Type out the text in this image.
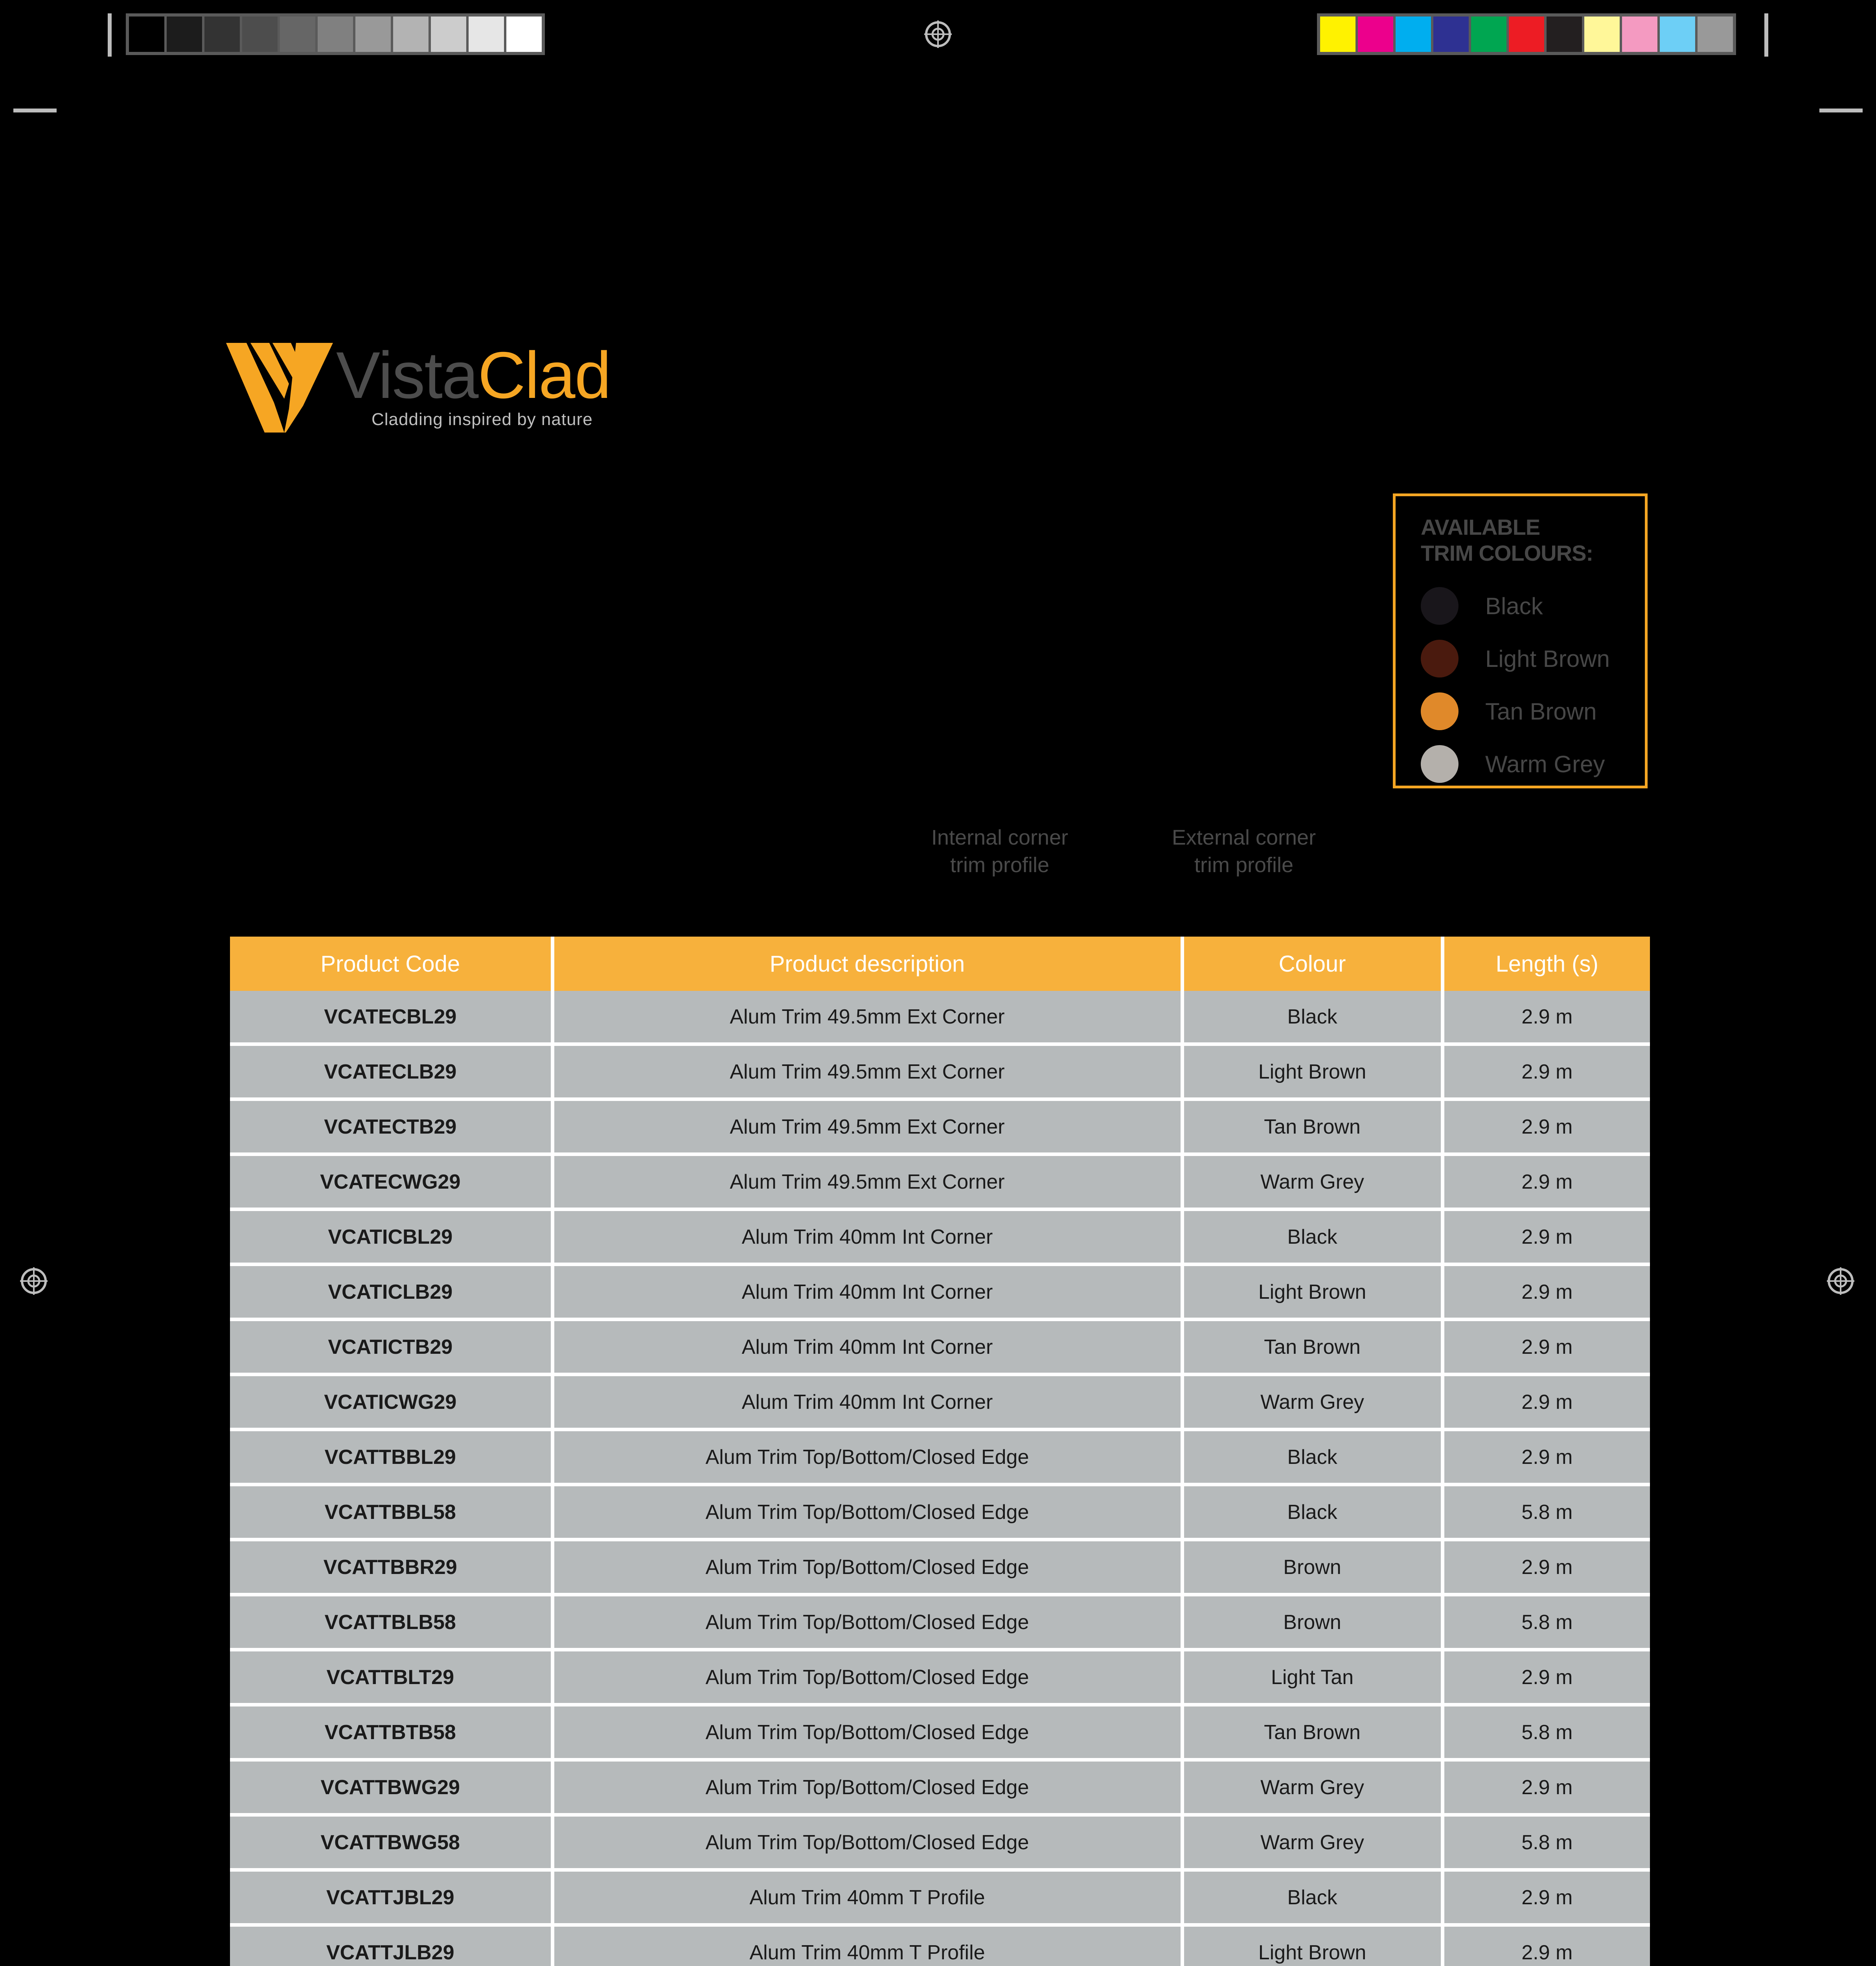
VistaClad
Cladding inspired by nature
AVAILABLE
TRIM COLOURS:
Black
Light Brown
Tan Brown
Warm Grey
Internal corner
trim profile
External corner
trim profile
Product Code	Product description	Colour	Length (s)
VCATECBL29	Alum Trim 49.5mm Ext Corner	Black	2.9 m
VCATECLB29	Alum Trim 49.5mm Ext Corner	Light Brown	2.9 m
VCATECTB29	Alum Trim 49.5mm Ext Corner	Tan Brown	2.9 m
VCATECWG29	Alum Trim 49.5mm Ext Corner	Warm Grey	2.9 m
VCATICBL29	Alum Trim 40mm Int Corner	Black	2.9 m
VCATICLB29	Alum Trim 40mm Int Corner	Light Brown	2.9 m
VCATICTB29	Alum Trim 40mm Int Corner	Tan Brown	2.9 m
VCATICWG29	Alum Trim 40mm Int Corner	Warm Grey	2.9 m
VCATTBBL29	Alum Trim Top/Bottom/Closed Edge	Black	2.9 m
VCATTBBL58	Alum Trim Top/Bottom/Closed Edge	Black	5.8 m
VCATTBBR29	Alum Trim Top/Bottom/Closed Edge	Brown	2.9 m
VCATTBLB58	Alum Trim Top/Bottom/Closed Edge	Brown	5.8 m
VCATTBLT29	Alum Trim Top/Bottom/Closed Edge	Light Tan	2.9 m
VCATTBTB58	Alum Trim Top/Bottom/Closed Edge	Tan Brown	5.8 m
VCATTBWG29	Alum Trim Top/Bottom/Closed Edge	Warm Grey	2.9 m
VCATTBWG58	Alum Trim Top/Bottom/Closed Edge	Warm Grey	5.8 m
VCATTJBL29	Alum Trim 40mm T Profile	Black	2.9 m
VCATTJLB29	Alum Trim 40mm T Profile	Light Brown	2.9 m
